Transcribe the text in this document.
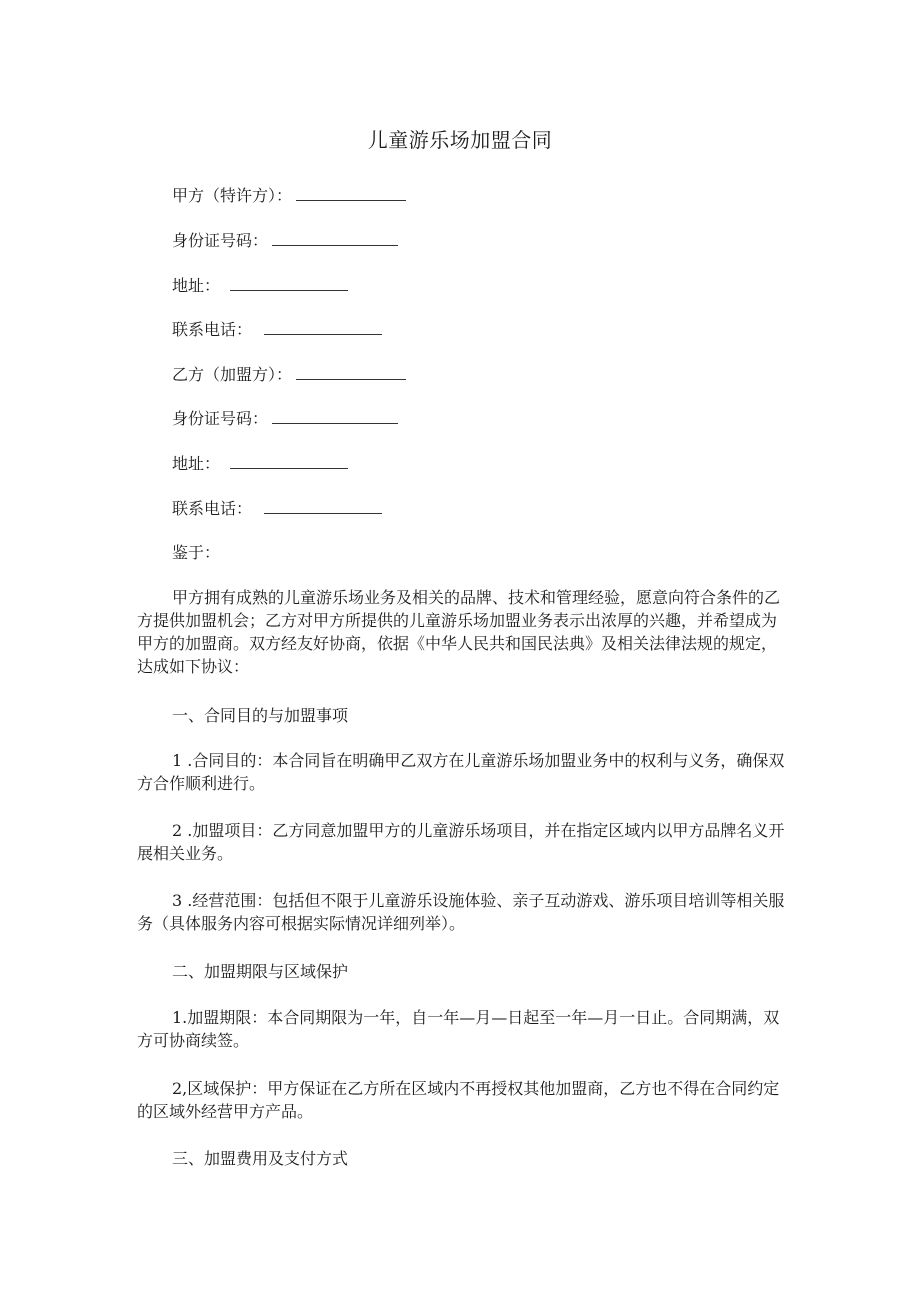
儿童游乐场加盟合同
甲方（特许方）：
身份证号码：
地址：
联系电话：
乙方（加盟方）：
身份证号码：
地址：
联系电话：
鉴于：

甲方拥有成熟的儿童游乐场业务及相关的品牌、技术和管理经验，愿意向符合条件的乙方提供加盟机会；乙方对甲方所提供的儿童游乐场加盟业务表示出浓厚的兴趣，并希望成为甲方的加盟商。双方经友好协商，依据《中华人民共和国民法典》及相关法律法规的规定，达成如下协议：

一、合同目的与加盟事项

1 .合同目的：本合同旨在明确甲乙双方在儿童游乐场加盟业务中的权利与义务，确保双方合作顺利进行。

2 .加盟项目：乙方同意加盟甲方的儿童游乐场项目，并在指定区域内以甲方品牌名义开展相关业务。

3 .经营范围：包括但不限于儿童游乐设施体验、亲子互动游戏、游乐项目培训等相关服务（具体服务内容可根据实际情况详细列举）。

二、加盟期限与区域保护

1.加盟期限：本合同期限为一年，自一年—月—日起至一年—月一日止。合同期满，双方可协商续签。

2,区域保护：甲方保证在乙方所在区域内不再授权其他加盟商，乙方也不得在合同约定的区域外经营甲方产品。

三、加盟费用及支付方式
